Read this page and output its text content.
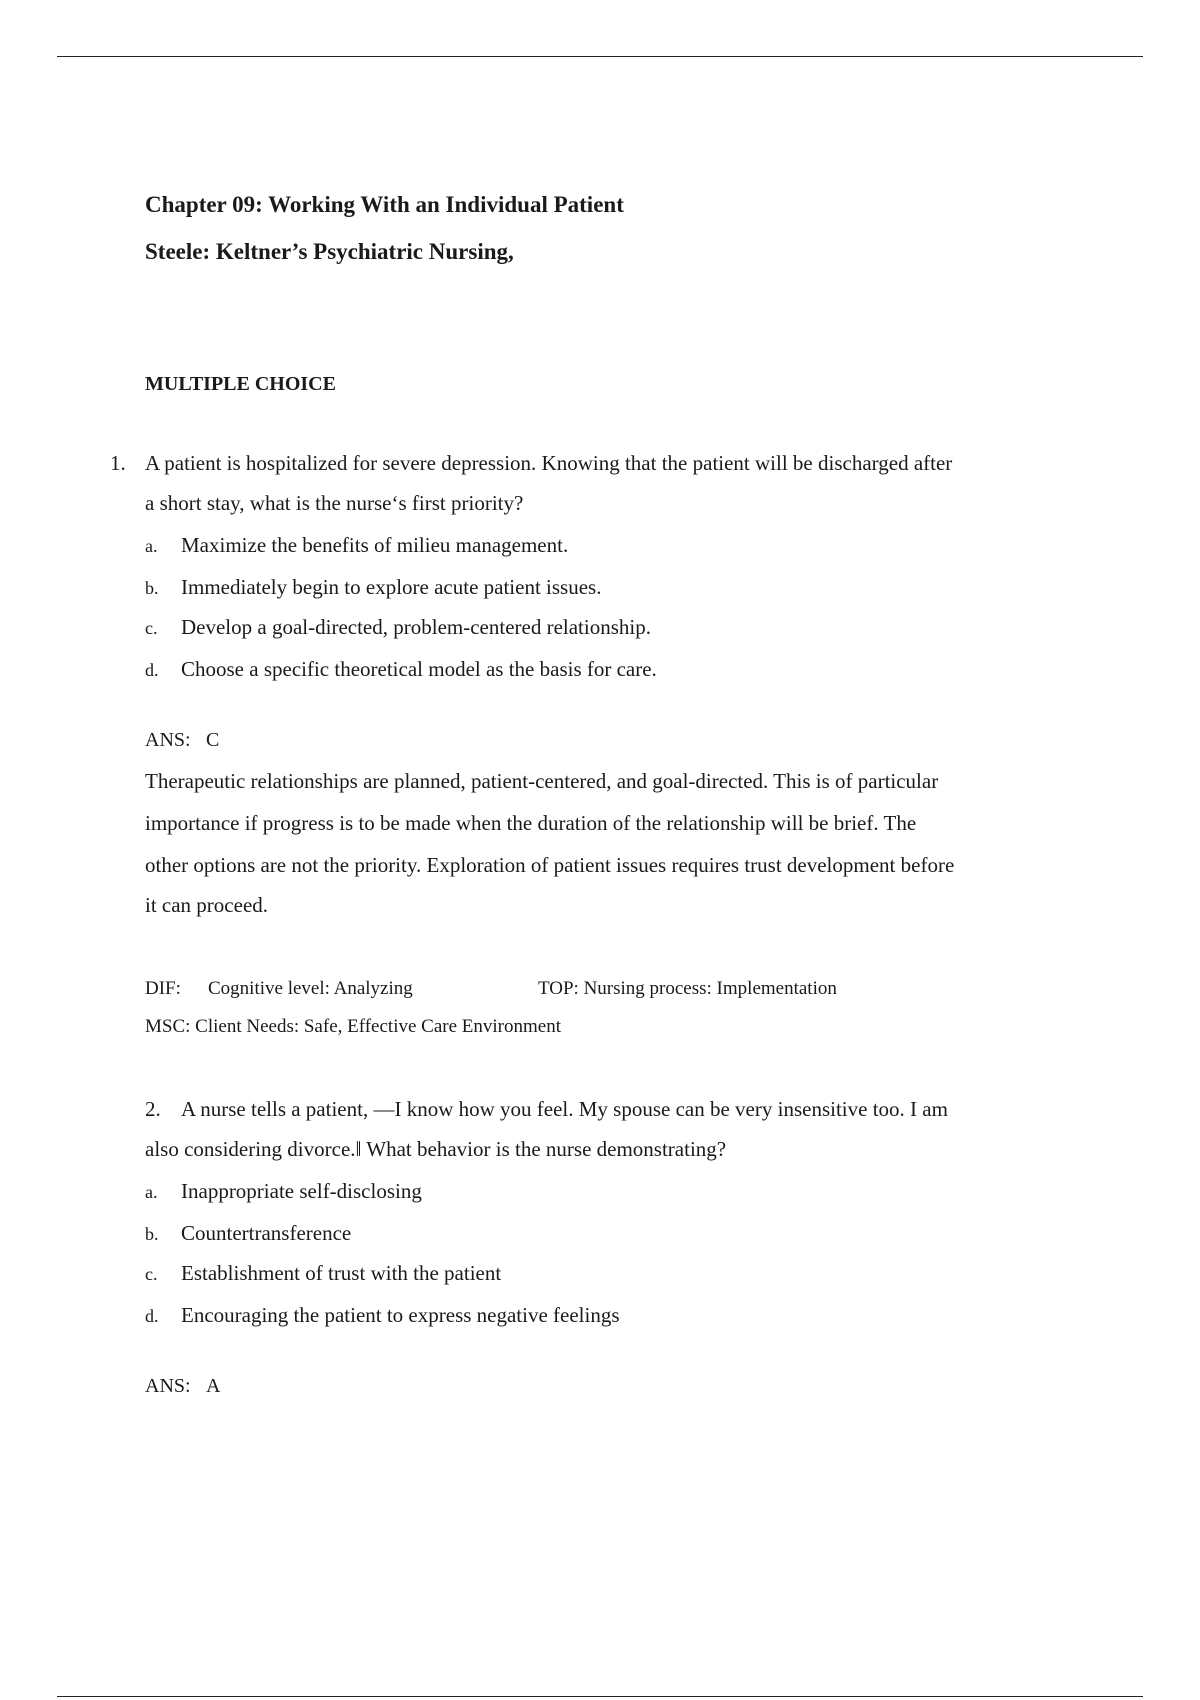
Chapter 09: Working With an Individual Patient
Steele: Keltner’s Psychiatric Nursing,
MULTIPLE CHOICE
1. A patient is hospitalized for severe depression. Knowing that the patient will be discharged after
a short stay, what is the nurse‘s first priority?
a. Maximize the benefits of milieu management.
b. Immediately begin to explore acute patient issues.
c. Develop a goal-directed, problem-centered relationship.
d. Choose a specific theoretical model as the basis for care.
ANS: C
Therapeutic relationships are planned, patient-centered, and goal-directed. This is of particular
importance if progress is to be made when the duration of the relationship will be brief. The
other options are not the priority. Exploration of patient issues requires trust development before
it can proceed.
DIF: Cognitive level: Analyzing	TOP: Nursing process: Implementation
MSC: Client Needs: Safe, Effective Care Environment
2. A nurse tells a patient, ―I know how you feel. My spouse can be very insensitive too. I am
also considering divorce.‖ What behavior is the nurse demonstrating?
a. Inappropriate self-disclosing
b. Countertransference
c. Establishment of trust with the patient
d. Encouraging the patient to express negative feelings
ANS: A
